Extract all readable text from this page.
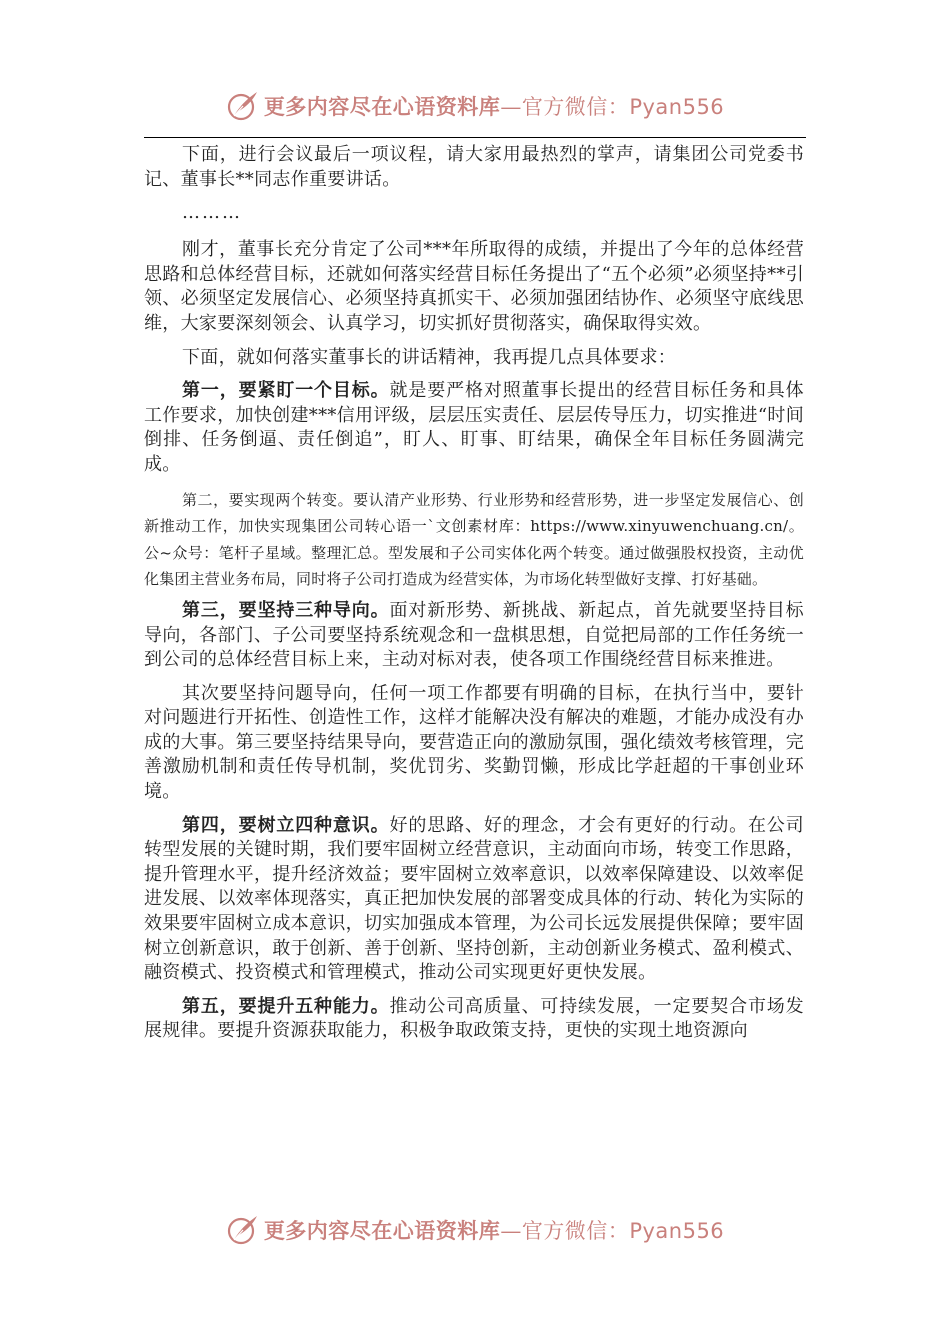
更多内容尽在心语资料库—官方微信：Pyan556

下面，进行会议最后一项议程，请大家用最热烈的掌声，请集团公司党委书记、董事长**同志作重要讲话。

………

刚才，董事长充分肯定了公司***年所取得的成绩，并提出了今年的总体经营思路和总体经营目标，还就如何落实经营目标任务提出了“五个必须”必须坚持**引领、必须坚定发展信心、必须坚持真抓实干、必须加强团结协作、必须坚守底线思维，大家要深刻领会、认真学习，切实抓好贯彻落实，确保取得实效。

下面，就如何落实董事长的讲话精神，我再提几点具体要求：

第一，要紧盯一个目标。就是要严格对照董事长提出的经营目标任务和具体工作要求，加快创建***信用评级，层层压实责任、层层传导压力，切实推进“时间倒排、任务倒逼、责任倒追”，盯人、盯事、盯结果，确保全年目标任务圆满完成。

第二，要实现两个转变。要认清产业形势、行业形势和经营形势，进一步坚定发展信心、创新推动工作，加快实现集团公司转心语一`文创素材库：https://www.xinyuwenchuang.cn/。公~众号：笔杆子星域。整理汇总。型发展和子公司实体化两个转变。通过做强股权投资，主动优化集团主营业务布局，同时将子公司打造成为经营实体，为市场化转型做好支撑、打好基础。

第三，要坚持三种导向。面对新形势、新挑战、新起点，首先就要坚持目标导向，各部门、子公司要坚持系统观念和一盘棋思想，自觉把局部的工作任务统一到公司的总体经营目标上来，主动对标对表，使各项工作围绕经营目标来推进。

其次要坚持问题导向，任何一项工作都要有明确的目标，在执行当中，要针对问题进行开拓性、创造性工作，这样才能解决没有解决的难题，才能办成没有办成的大事。第三要坚持结果导向，要营造正向的激励氛围，强化绩效考核管理，完善激励机制和责任传导机制，奖优罚劣、奖勤罚懒，形成比学赶超的干事创业环境。

第四，要树立四种意识。好的思路、好的理念，才会有更好的行动。在公司转型发展的关键时期，我们要牢固树立经营意识，主动面向市场，转变工作思路，提升管理水平，提升经济效益；要牢固树立效率意识，以效率保障建设、以效率促进发展、以效率体现落实，真正把加快发展的部署变成具体的行动、转化为实际的效果要牢固树立成本意识，切实加强成本管理，为公司长远发展提供保障；要牢固树立创新意识，敢于创新、善于创新、坚持创新，主动创新业务模式、盈利模式、融资模式、投资模式和管理模式，推动公司实现更好更快发展。

第五，要提升五种能力。推动公司高质量、可持续发展，一定要契合市场发展规律。要提升资源获取能力，积极争取政策支持，更快的实现土地资源向

更多内容尽在心语资料库—官方微信：Pyan556
